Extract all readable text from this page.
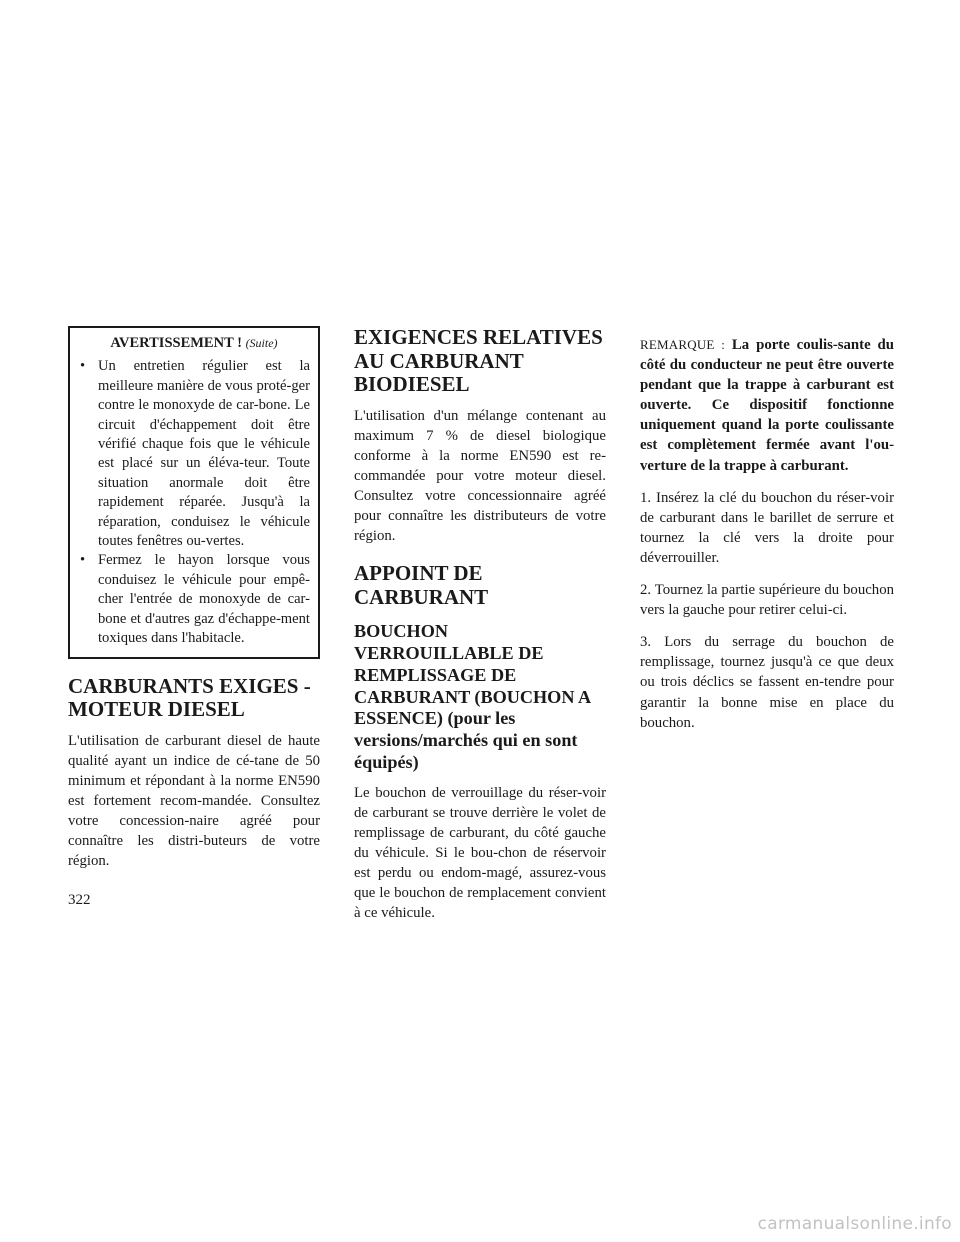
AVERTISSEMENT ! (Suite)
• Un entretien régulier est la meilleure manière de vous proté-ger contre le monoxyde de car-bone. Le circuit d'échappement doit être vérifié chaque fois que le véhicule est placé sur un éléva-teur. Toute situation anormale doit être rapidement réparée. Jusqu'à la réparation, conduisez le véhicule toutes fenêtres ou-vertes.
• Fermez le hayon lorsque vous conduisez le véhicule pour empê-cher l'entrée de monoxyde de car-bone et d'autres gaz d'échappe-ment toxiques dans l'habitacle.
CARBURANTS EXIGES - MOTEUR DIESEL

L'utilisation de carburant diesel de haute qualité ayant un indice de cé-tane de 50 minimum et répondant à la norme EN590 est fortement recom-mandée. Consultez votre concession-naire agréé pour connaître les distri-buteurs de votre région.

EXIGENCES RELATIVES AU CARBURANT BIODIESEL

L'utilisation d'un mélange contenant au maximum 7 % de diesel biologique conforme à la norme EN590 est re-commandée pour votre moteur diesel. Consultez votre concessionnaire agréé pour connaître les distributeurs de votre région.

APPOINT DE CARBURANT
BOUCHON VERROUILLABLE DE REMPLISSAGE DE CARBURANT (BOUCHON A ESSENCE) (pour les versions/marchés qui en sont équipés)

Le bouchon de verrouillage du réser-voir de carburant se trouve derrière le volet de remplissage de carburant, du côté gauche du véhicule. Si le bou-chon de réservoir est perdu ou endom-magé, assurez-vous que le bouchon de remplacement convient à ce véhicule.

REMARQUE : La porte coulis-sante du côté du conducteur ne peut être ouverte pendant que la trappe à carburant est ouverte. Ce dispositif fonctionne uniquement quand la porte coulissante est complètement fermée avant l'ou-verture de la trappe à carburant.

1. Insérez la clé du bouchon du réser-voir de carburant dans le barillet de serrure et tournez la clé vers la droite pour déverrouiller.

2. Tournez la partie supérieure du bouchon vers la gauche pour retirer celui-ci.

3. Lors du serrage du bouchon de remplissage, tournez jusqu'à ce que deux ou trois déclics se fassent en-tendre pour garantir la bonne mise en place du bouchon.

322
carmanualsonline.info
